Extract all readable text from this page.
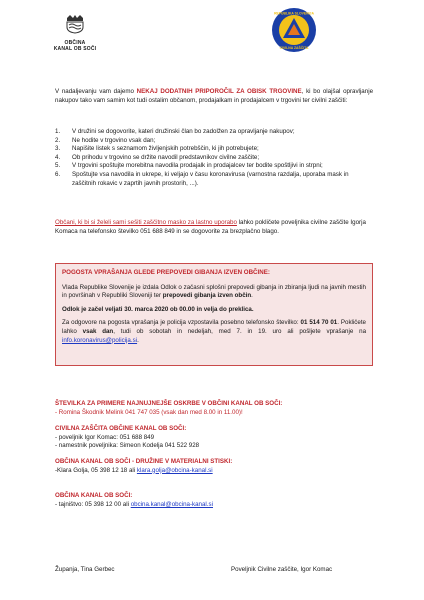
OBČINA
KANAL OB SOČI
REPUBLIKA SLOVENIJA
CIVILNA ZAŠČITA

V nadaljevanju vam dajemo NEKAJ DODATNIH PRIPOROČIL ZA OBISK TRGOVINE, ki bo olajšal opravljanje nakupov tako vam samim kot tudi ostalim občanom, prodajalkam in prodajalcem v trgovini ter civilni zaščiti:

1. V družini se dogovorite, kateri družinski član bo zadolžen za opravljanje nakupov;
2. Ne hodite v trgovino vsak dan;
3. Napišite listek s seznamom življenjskih potrebščin, ki jih potrebujete;
4. Ob prihodu v trgovino se držite navodil predstavnikov civilne zaščite;
5. V trgovini spoštujte morebitna navodila prodajalk in prodajalcev ter bodite spoštljivi in strpni;
6. Spoštujte vsa navodila in ukrepe, ki veljajo v času koronavirusa (varnostna razdalja, uporaba mask in zaščitnih rokavic v zaprtih javnih prostorih, ...).

Občani, ki bi si želeli sami sešiti zaščitno masko za lastno uporabo lahko pokličete poveljnika civilne zaščite Igorja Komaca na telefonsko številko 051 688 849 in se dogovorite za brezplačno blago.

POGOSTA VPRAŠANJA GLEDE PREPOVEDI GIBANJA IZVEN OBČINE:

Vlada Republike Slovenije je izdala Odlok o začasni splošni prepovedi gibanja in zbiranja ljudi na javnih mestih in površinah v Republiki Sloveniji ter prepovedi gibanja izven občin.

Odlok je začel veljati 30. marca 2020 ob 00.00 in velja do preklica.

Za odgovore na pogosta vprašanja je policija vzpostavila posebno telefonsko številko: 01 514 70 01. Pokličete lahko vsak dan, tudi ob sobotah in nedeljah, med 7. in 19. uro ali pošljete vprašanje na info.koronavirus@policija.si.

ŠTEVILKA ZA PRIMERE NAJNUJNEJŠE OSKRBE V OBČINI KANAL OB SOČI:
- Romina Škodnik Melink 041 747 035 (vsak dan med 8.00 in 11.00)!
CIVILNA ZAŠČITA OBČINE KANAL OB SOČI:
- poveljnik Igor Komac: 051 688 849
- namestnik poveljnika: Simeon Kodelja 041 522 928
OBČINA KANAL OB SOČI - DRUŽINE V MATERIALNI STISKI:
-Klara Golja, 05 398 12 18 ali klara.golja@obcina-kanal.si
OBČINA KANAL OB SOČI:
- tajništvo: 05 398 12 00 ali obcina.kanal@obcina-kanal.si
Županja, Tina Gerbec	Poveljnik Civilne zaščite, Igor Komac
